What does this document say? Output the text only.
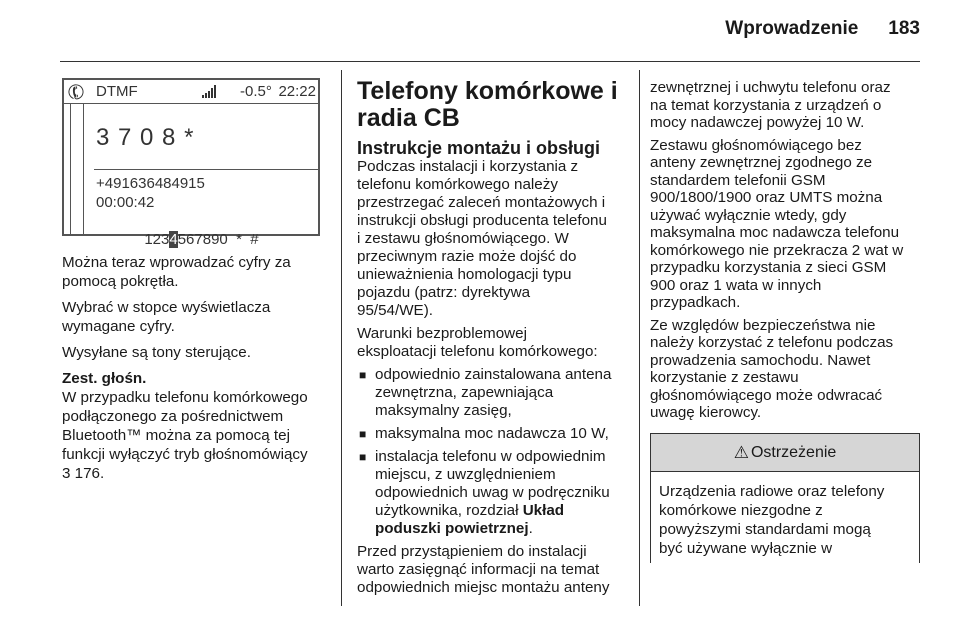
Wprowadzenie 183
✆ DTMF	-0.5° 22:22
3 7 0 8 *
+491636484915
00:00:42

1234567890  *  #

Można teraz wprowadzać cyfry za
pomocą pokrętła.
Wybrać w stopce wyświetlacza
wymagane cyfry.
Wysyłane są tony sterujące.
Zest. głośn.
W przypadku telefonu komórkowego
podłączonego za pośrednictwem
Bluetooth™ można za pomocą tej
funkcji wyłączyć tryb głośnomówiący
3 176.
Telefony komórkowe i
radia CB
Instrukcje montażu i obsługi
Podczas instalacji i korzystania z
telefonu komórkowego należy
przestrzegać zaleceń montażowych i
instrukcji obsługi producenta telefonu
i zestawu głośnomówiącego. W
przeciwnym razie może dojść do
unieważnienia homologacji typu
pojazdu (patrz: dyrektywa
95/54/WE).
Warunki bezproblemowej
eksploatacji telefonu komórkowego:
■ odpowiednio zainstalowana antena
zewnętrzna, zapewniająca
maksymalny zasięg,
■ maksymalna moc nadawcza 10 W,
■ instalacja telefonu w odpowiednim
miejscu, z uwzględnieniem
odpowiednich uwag w podręczniku
użytkownika, rozdział Układ
poduszki powietrznej.
Przed przystąpieniem do instalacji
warto zasięgnąć informacji na temat
odpowiednich miejsc montażu anteny
zewnętrznej i uchwytu telefonu oraz
na temat korzystania z urządzeń o
mocy nadawczej powyżej 10 W.
Zestawu głośnomówiącego bez
anteny zewnętrznej zgodnego ze
standardem telefonii GSM
900/1800/1900 oraz UMTS można
używać wyłącznie wtedy, gdy
maksymalna moc nadawcza telefonu
komórkowego nie przekracza 2 wat w
przypadku korzystania z sieci GSM
900 oraz 1 wata w innych
przypadkach.
Ze względów bezpieczeństwa nie
należy korzystać z telefonu podczas
prowadzenia samochodu. Nawet
korzystanie z zestawu
głośnomówiącego może odwracać
uwagę kierowcy.
⚠ Ostrzeżenie
Urządzenia radiowe oraz telefony
komórkowe niezgodne z
powyższymi standardami mogą
być używane wyłącznie w
